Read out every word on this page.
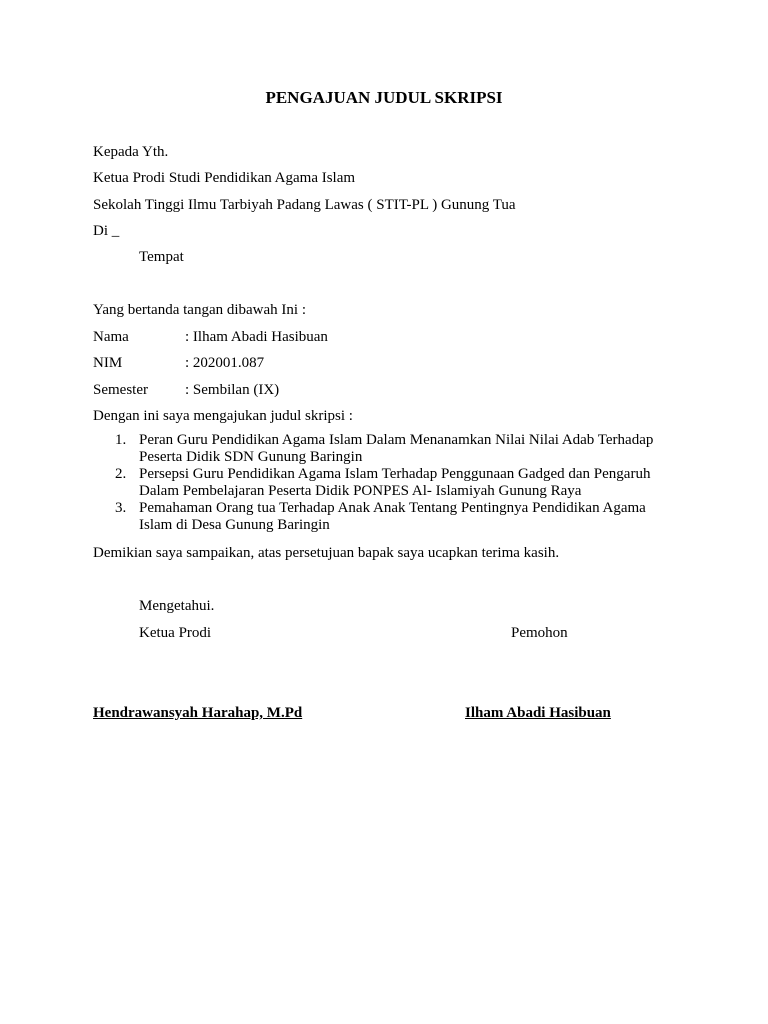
PENGAJUAN JUDUL SKRIPSI
Kepada Yth.
Ketua Prodi Studi Pendidikan Agama Islam
Sekolah Tinggi Ilmu Tarbiyah Padang Lawas ( STIT-PL ) Gunung Tua
Di _
Tempat
Yang bertanda tangan dibawah Ini :
Nama	: Ilham Abadi Hasibuan
NIM	: 202001.087
Semester : Sembilan (IX)
Dengan ini saya mengajukan judul skripsi :
1. Peran Guru Pendidikan Agama Islam Dalam Menanamkan Nilai Nilai Adab Terhadap
Peserta Didik SDN Gunung Baringin
2. Persepsi Guru Pendidikan Agama Islam Terhadap Penggunaan Gadged dan Pengaruh
Dalam Pembelajaran Peserta Didik PONPES Al- Islamiyah Gunung Raya
3. Pemahaman Orang tua Terhadap Anak Anak Tentang Pentingnya Pendidikan Agama
Islam di Desa Gunung Baringin
Demikian saya sampaikan, atas persetujuan bapak saya ucapkan terima kasih.
Mengetahui.
Ketua Prodi	Pemohon
Hendrawansyah Harahap, M.Pd	Ilham Abadi Hasibuan
